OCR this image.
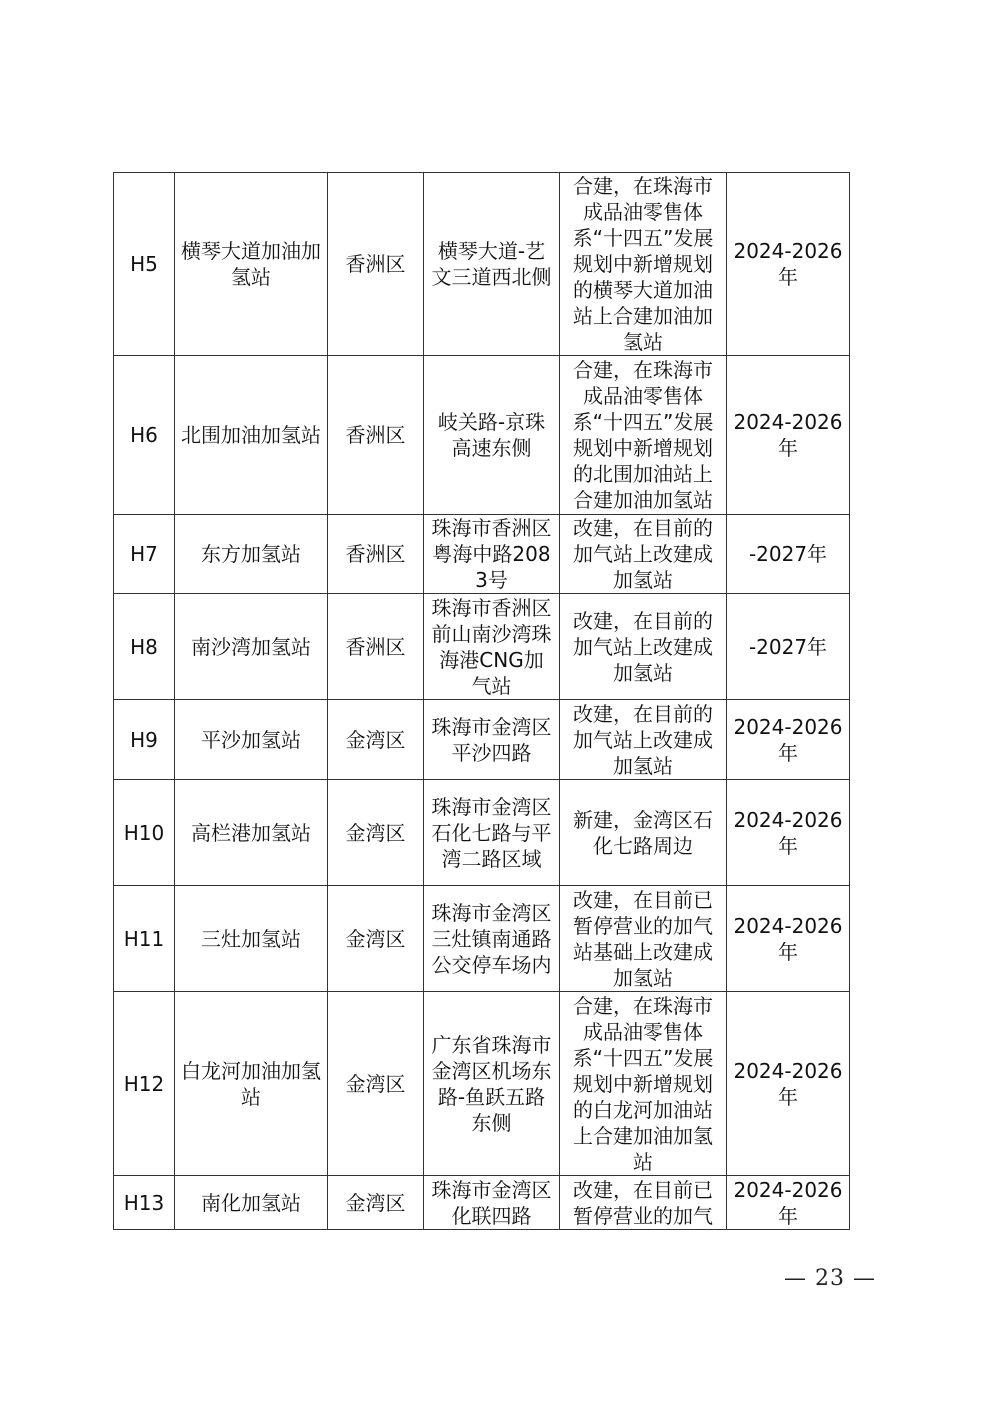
H5	横琴大道加油加氢站	香洲区	横琴大道-艺文三道西北侧	合建，在珠海市成品油零售体系“十四五”发展规划中新增规划的横琴大道加油站上合建加油加氢站	2024-2026年
H6	北围加油加氢站	香洲区	岐关路-京珠高速东侧	合建，在珠海市成品油零售体系“十四五”发展规划中新增规划的北围加油站上合建加油加氢站	2024-2026年
H7	东方加氢站	香洲区	珠海市香洲区粤海中路2083号	改建，在目前的加气站上改建成加氢站	-2027年
H8	南沙湾加氢站	香洲区	珠海市香洲区前山南沙湾珠海港CNG加气站	改建，在目前的加气站上改建成加氢站	-2027年
H9	平沙加氢站	金湾区	珠海市金湾区平沙四路	改建，在目前的加气站上改建成加氢站	2024-2026年
H10	高栏港加氢站	金湾区	珠海市金湾区石化七路与平湾二路区域	新建，金湾区石化七路周边	2024-2026年
H11	三灶加氢站	金湾区	珠海市金湾区三灶镇南通路公交停车场内	改建，在目前已暂停营业的加气站基础上改建成加氢站	2024-2026年
H12	白龙河加油加氢站	金湾区	广东省珠海市金湾区机场东路-鱼跃五路东侧	合建，在珠海市成品油零售体系“十四五”发展规划中新增规划的白龙河加油站上合建加油加氢站	2024-2026年
H13	南化加氢站	金湾区	珠海市金湾区化联四路	改建，在目前已暂停营业的加气	2024-2026年
— 23 —
